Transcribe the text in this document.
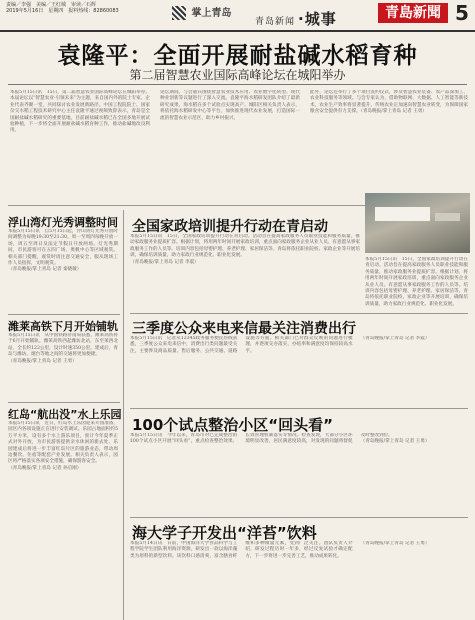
责编／李强　美编／王红城　审读／石辉
2019年5月16日　星期四　报料热线：82860083	掌上青岛
青岛新闻 ·城事	青島新聞 5
袁隆平：全面开展耐盐碱水稻育种
第二届智慧农业国际高峰论坛在城阳举办
本报5月15日讯　15日，第二届智慧农业国际高峰论坛在城阳举办。本届论坛以“智慧农业·引领未来”为主题，来自国内外的院士专家、企业代表齐聚一堂，共同探讨农业发展新路径。中国工程院院士、国家杂交水稻工程技术研究中心主任袁隆平通过视频致辞表示，青岛是全国耐盐碱水稻研究的重要基地，目前耐盐碱水稻已在全国多地开展试验种植，下一步将全面开展耐盐碱水稻育种工作，推动盐碱地改良利用。
论坛期间，与会嘉宾围绕智慧农业技术应用、农业数字化转型、现代种业创新等议题进行了深入交流。袁隆平海水稻研发团队介绍了最新研究成果，海水稻在多个试验点实现高产。城阳区相关负责人表示，将依托海水稻研发中心等平台，加快推进现代农业发展，打造国际一流的智慧农业示范区，助力乡村振兴。
此外，论坛还举行了多个项目签约仪式，涉及智慧农业装备、农产品深加工、农业科技服务等领域。与会专家认为，借助物联网、大数据、人工智能等新技术，农业生产效率将显著提升，传统农业正加速向智慧农业转变，为保障国家粮食安全提供有力支撑。（青岛晚报/掌上青岛 记者 王勇）
浮山湾灯光秀调整时间
本报5月15日讯　自5月15日起，浮山湾灯光秀开放时间调整为每晚19:30至21:30。周一至周四每晚开放一场，周五至周日及法定节假日开放两场。灯光秀期间，市民游客可在五四广场、奥帆中心等区域观赏。相关部门提醒，观赏时请注意交通安全，服从现场工作人员指挥，文明观赏。
（青岛晚报/掌上青岛 记者 秦晓敏）
潍莱高铁下月开始铺轨
本报5月15日讯　从中国铁路济南局获悉，潍莱高铁将于6月开始铺轨。潍莱高铁西起潍坊北站，东至莱西北站，全长约122公里，设计时速350公里。建成后，青岛与潍坊、烟台等地之间的交通将更加便捷。
（青岛晚报/掌上青岛 记者 王勇）
红岛“航出没”水上乐园
本报5月15日讯　近日，红岛水上乐园迎来开园准备，园区内各项设施正在进行安装调试。乐园占地面积约5万平方米，设有多个水上游乐项目，预计今年夏季正式对外开放，为市民游客提供亲水休闲的新去处。乐园建成后将进一步丰富红岛片区的旅游业态，带动周边餐饮、住宿等配套产业发展。相关负责人表示，园区将严格落实各项安全措施，确保游客安全。
（青岛晚报/掌上青岛 记者 孙启刚）
全国家政培训提升行动在青启动
本报5月15日讯　15日，全国家政培训提升行动在青启动。活动旨在提高家政服务人员职业技能和服务质量，推动家政服务业提质扩容。根据计划，将用两年时间开展家政培训，重点面向家政服务企业从业人员、有意愿从事家政服务工作的人员等。培训内容包括母婴护理、养老护理、家居保洁等。青岛将依托职业院校、家政企业等开展培训，确保培训质量，助力家政行业规范化、职业化发展。
（青岛晚报/掌上青岛 记者 李震）
本报5月15日讯　15日，全国家政培训提升行动在青启动。活动旨在提高家政服务人员职业技能和服务质量，推动家政服务业提质扩容。根据计划，将用两年时间开展家政培训，重点面向家政服务企业从业人员、有意愿从事家政服务工作的人员等。培训内容包括母婴护理、养老护理、家居保洁等。青岛将依托职业院校、家政企业等开展培训，确保培训质量，助力家政行业规范化、职业化发展。
三季度公众来电来信最关注消费出行
本报5月15日讯　记者从12345政务服务便民热线获悉，三季度公众来电来信中，消费出行类问题最受关注，主要涉及商品质量、售后服务、公共交通、道路设施等方面。相关部门已对群众反映的问题进行梳理，并逐项交办落实，办结率和满意度均保持较高水平。
（青岛晚报/掌上青岛 记者 李震）
100个试点整治小区“回头看”
本报5月15日讯　今年以来，青岛市对已完成整治的100个试点小区开展“回头看”，重点检查整治效果、长效管理机制落实等情况。检查发现，大部分小区环境明显改善，居民满意度较高，对发现的问题将督促及时整改到位。
（青岛晚报/掌上青岛 记者 王勇）
海大学子开发出“洋苔”饮料
本报5月14日讯　日前，中国海洋大学食品科学与工程学院学生团队利用海洋资源，研发出一款以海洋藻类为原料的新型饮料。该饮料口感清爽，富含膳食纤维和多种微量元素，受到广泛关注。团队负责人介绍，研发过程历时一年多，经过反复试验才确定配方，下一步将进一步完善工艺，推动成果转化。
（青岛晚报/掌上青岛 记者 王勇）
